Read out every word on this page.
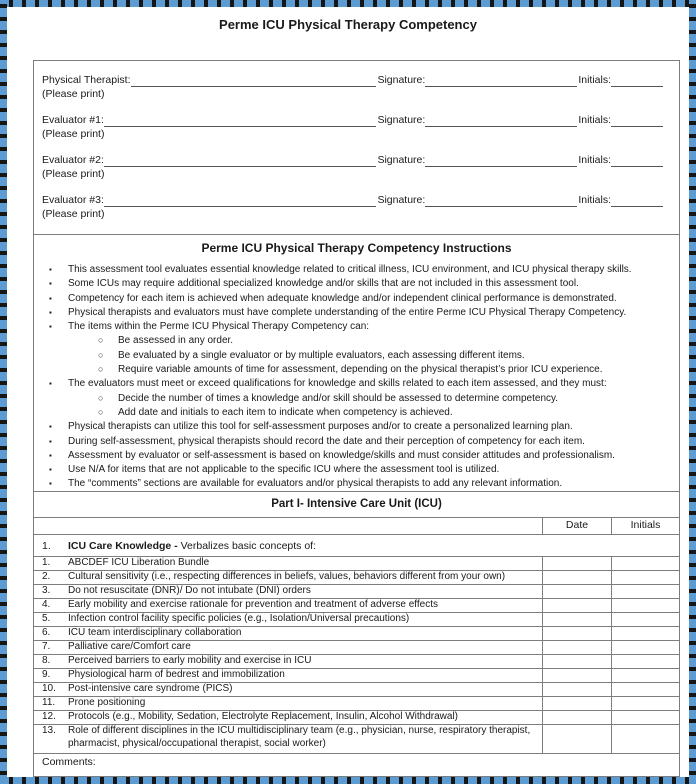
Perme ICU Physical Therapy Competency
Physical Therapist:	Signature:	Initials:
(Please print)
Evaluator #1:	Signature:	Initials:
(Please print)
Evaluator #2:	Signature:	Initials:
(Please print)
Evaluator #3:	Signature:	Initials:
(Please print)
Perme ICU Physical Therapy Competency Instructions
▪ This assessment tool evaluates essential knowledge related to critical illness, ICU environment, and ICU physical therapy skills.
▪ Some ICUs may require additional specialized knowledge and/or skills that are not included in this assessment tool.
▪ Competency for each item is achieved when adequate knowledge and/or independent clinical performance is demonstrated.
▪ Physical therapists and evaluators must have complete understanding of the entire Perme ICU Physical Therapy Competency.
▪ The items within the Perme ICU Physical Therapy Competency can:
○ Be assessed in any order.
○ Be evaluated by a single evaluator or by multiple evaluators, each assessing different items.
○ Require variable amounts of time for assessment, depending on the physical therapist’s prior ICU experience.
▪ The evaluators must meet or exceed qualifications for knowledge and skills related to each item assessed, and they must:
○ Decide the number of times a knowledge and/or skill should be assessed to determine competency.
○ Add date and initials to each item to indicate when competency is achieved.
▪ Physical therapists can utilize this tool for self-assessment purposes and/or to create a personalized learning plan.
▪ During self-assessment, physical therapists should record the date and their perception of competency for each item.
▪ Assessment by evaluator or self-assessment is based on knowledge/skills and must consider attitudes and professionalism.
▪ Use N/A for items that are not applicable to the specific ICU where the assessment tool is utilized.
▪ The “comments” sections are available for evaluators and/or physical therapists to add any relevant information.
Part I- Intensive Care Unit (ICU)
Date	Initials
1.	ICU Care Knowledge - Verbalizes basic concepts of:
1.	ABCDEF ICU Liberation Bundle
2.	Cultural sensitivity (i.e., respecting differences in beliefs, values, behaviors different from your own)
3.	Do not resuscitate (DNR)/ Do not intubate (DNI) orders
4.	Early mobility and exercise rationale for prevention and treatment of adverse effects
5.	Infection control facility specific policies (e.g., Isolation/Universal precautions)
6.	ICU team interdisciplinary collaboration
7.	Palliative care/Comfort care
8.	Perceived barriers to early mobility and exercise in ICU
9.	Physiological harm of bedrest and immobilization
10.	Post-intensive care syndrome (PICS)
11.	Prone positioning
12.	Protocols (e.g., Mobility, Sedation, Electrolyte Replacement, Insulin, Alcohol Withdrawal)
13.	Role of different disciplines in the ICU multidisciplinary team (e.g., physician, nurse, respiratory therapist, pharmacist, physical/occupational therapist, social worker)
Comments:
